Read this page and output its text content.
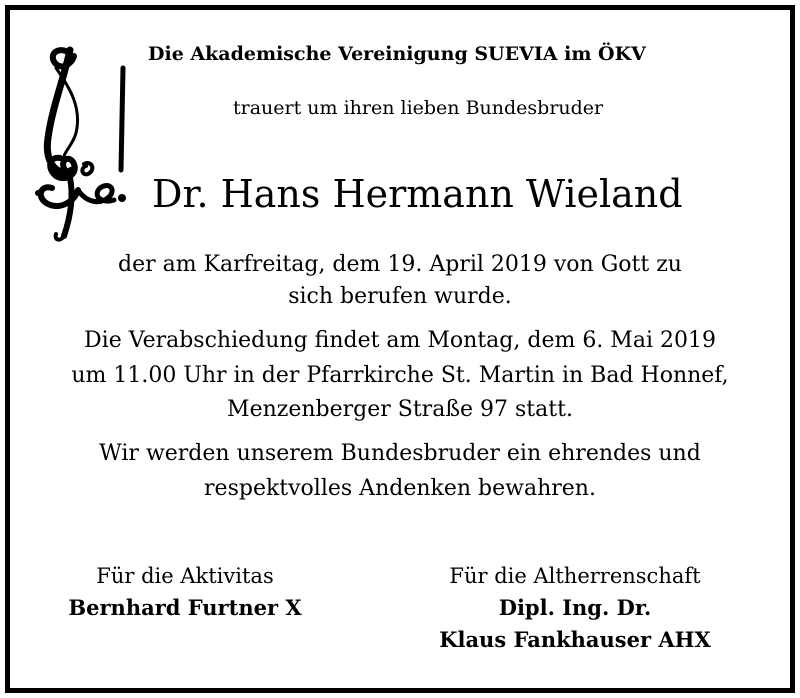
Die Akademische Vereinigung SUEVIA im ÖKV
trauert um ihren lieben Bundesbruder
Dr. Hans Hermann Wieland
der am Karfreitag, dem 19. April 2019 von Gott zu
sich berufen wurde.
Die Verabschiedung findet am Montag, dem 6. Mai 2019
um 11.00 Uhr in der Pfarrkirche St. Martin in Bad Honnef,
Menzenberger Straße 97 statt.
Wir werden unserem Bundesbruder ein ehrendes und
respektvolles Andenken bewahren.
Für die Aktivitas
Bernhard Furtner X
Für die Altherrenschaft
Dipl. Ing. Dr.
Klaus Fankhauser AHX
